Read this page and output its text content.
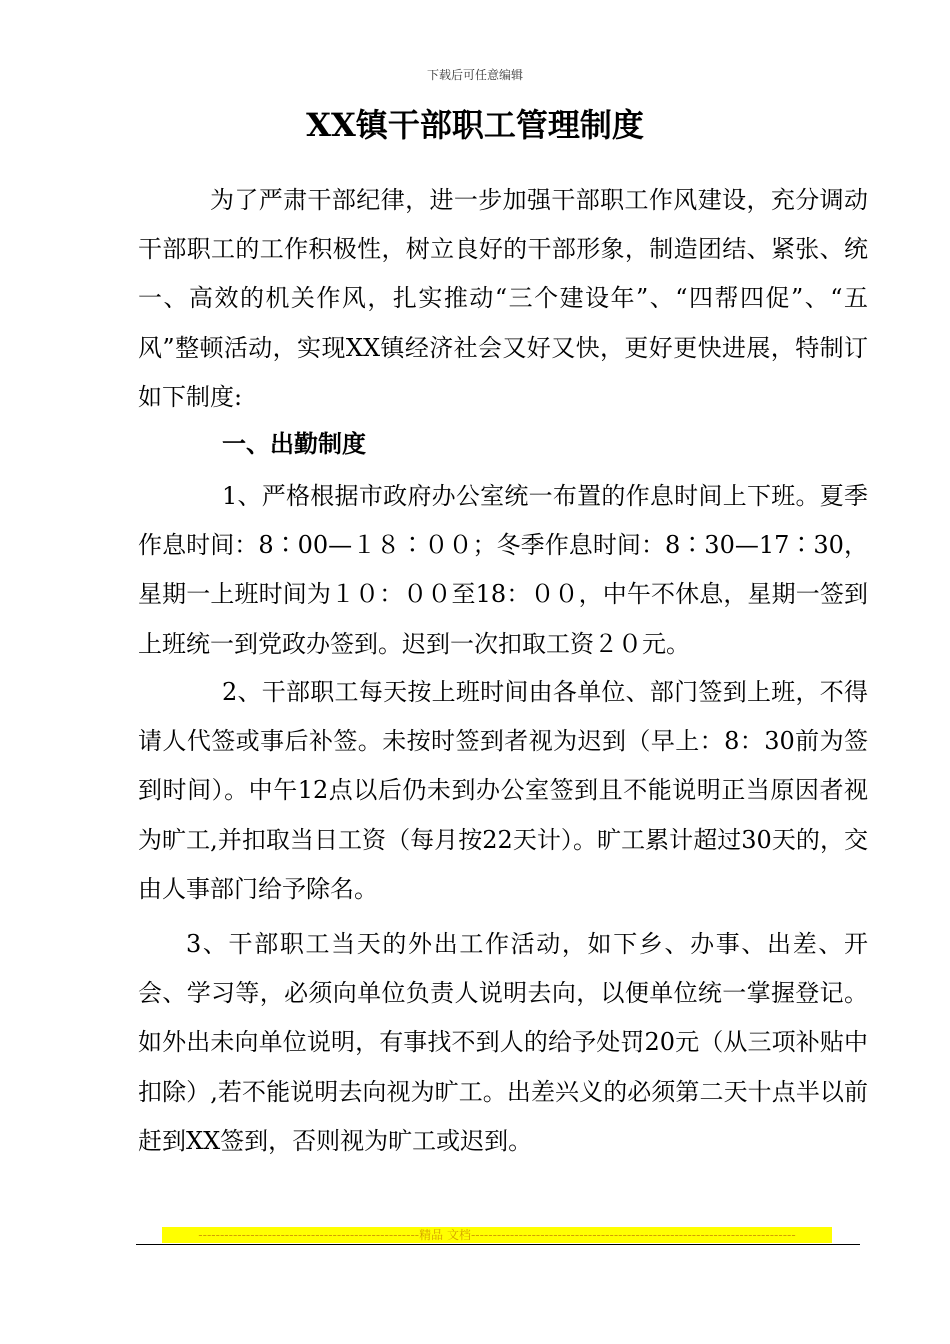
下载后可任意编辑
XX镇干部职工管理制度
为了严肃干部纪律，进一步加强干部职工作风建设，充分调动干部职工的工作积极性，树立良好的干部形象，制造团结、紧张、统一、高效的机关作风，扎实推动“三个建设年”、“四帮四促”、“五风”整顿活动，实现XX镇经济社会又好又快，更好更快进展，特制订如下制度:
一、出勤制度
1、严格根据市政府办公室统一布置的作息时间上下班。夏季作息时间：8∶00—１８∶００；冬季作息时间：8∶30—17∶30，星期一上班时间为１０：００至18：００，中午不休息，星期一签到上班统一到党政办签到。迟到一次扣取工资２０元。
2、干部职工每天按上班时间由各单位、部门签到上班，不得请人代签或事后补签。未按时签到者视为迟到（早上：8：30前为签到时间）。中午12点以后仍未到办公室签到且不能说明正当原因者视为旷工,并扣取当日工资（每月按22天计）。旷工累计超过30天的，交由人事部门给予除名。
3、干部职工当天的外出工作活动，如下乡、办事、出差、开会、学习等，必须向单位负责人说明去向，以便单位统一掌握登记。如外出未向单位说明，有事找不到人的给予处罚20元（从三项补贴中扣除）,若不能说明去向视为旷工。出差兴义的必须第二天十点半以前赶到XX签到，否则视为旷工或迟到。
---------------------------------------------------精品 文档---------------------------------------------------------------------------
